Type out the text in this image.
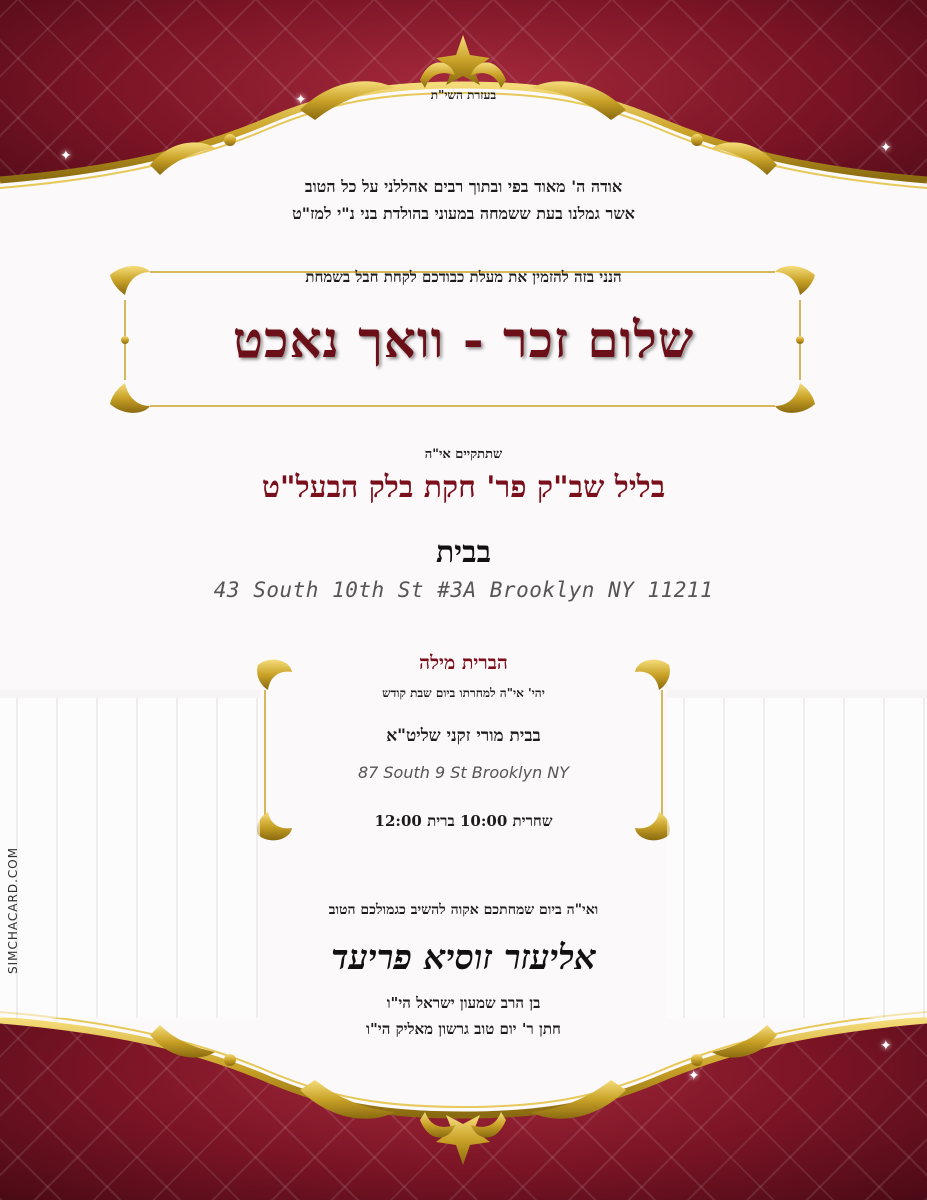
✦
✦	✦
✦
✦
בעזרת השי"ת
אודה ה' מאוד בפי ובתוך רבים אהללני על כל הטוב
אשר גמלנו בעת ששמחה במעוני בהולדת בני נ"י למז"ט
הנני בזה להזמין את מעלת כבודכם לקחת חבל בשמחת
שלום זכר - וואך נאכט
שתתקיים אי"ה
בליל שב"ק פר' חקת בלק הבעל"ט
בבית
43 South 10th St #3A Brooklyn NY 11211
הברית מילה
יהי' אי"ה למחרתו ביום שבת קודש
בבית מורי זקני שליט"א
87 South 9 St Brooklyn NY
שחרית 10:00 ברית 12:00
ואי"ה ביום שמחתכם אקוה להשיב כגמולכם הטוב
אליעזר זוסיא פריעד
בן הרב שמעון ישראל הי"ו
חתן ר' יום טוב גרשון מאליק הי"ו
SIMCHACARD.COM
